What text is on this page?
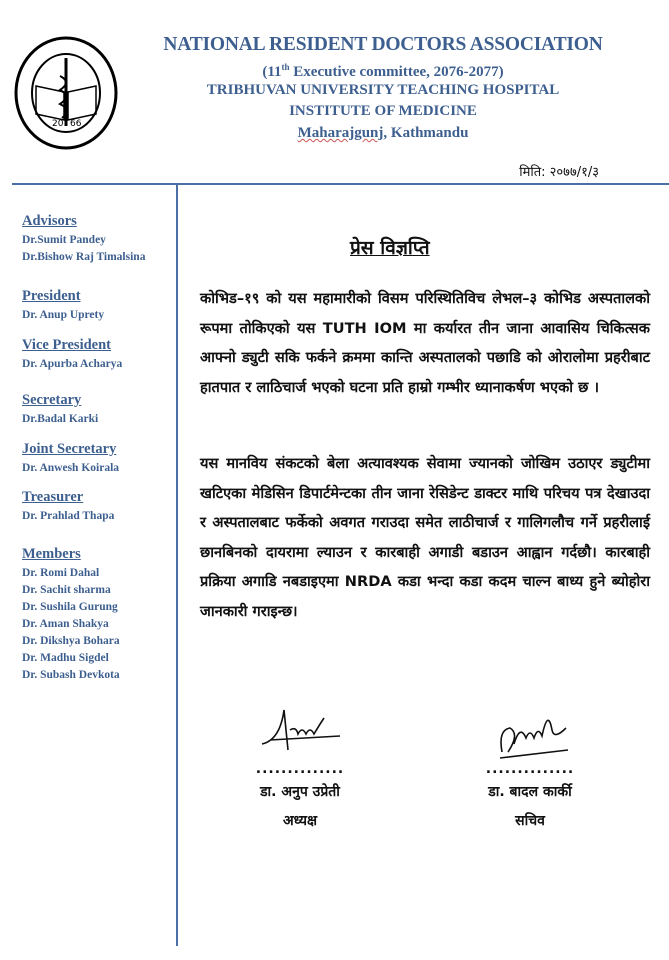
20 66
NATIONAL RESIDENT DOCTORS ASSOCIATION
(11th Executive committee, 2076-2077)
TRIBHUVAN UNIVERSITY TEACHING HOSPITAL
INSTITUTE OF MEDICINE
Maharajgunj, Kathmandu
मिति: २०७७/१/३
Advisors
Dr.Sumit Pandey
Dr.Bishow Raj Timalsina
President
Dr. Anup Uprety
Vice President
Dr. Apurba Acharya
Secretary
Dr.Badal Karki
Joint Secretary
Dr. Anwesh Koirala
Treasurer
Dr. Prahlad Thapa
Members
Dr. Romi Dahal
Dr. Sachit sharma
Dr. Sushila Gurung
Dr. Aman Shakya
Dr. Dikshya Bohara
Dr. Madhu Sigdel
Dr. Subash Devkota
प्रेस विज्ञप्ति
कोभिड–१९ को यस महामारीको विसम परिस्थितिविच लेभल–३ कोभिड अस्पतालको रूपमा तोकिएको यस TUTH IOM मा कर्यारत तीन जाना आवासिय चिकित्सक आफ्नो ड्युटी सकि फर्कने क्रममा कान्ति अस्पतालको पछाडि को ओरालोमा प्रहरीबाट हातपात र लाठिचार्ज भएको घटना प्रति हाम्रो गम्भीर ध्यानाकर्षण भएको छ ।
यस मानविय संकटको बेला अत्यावश्यक सेवामा ज्यानको जोखिम उठाएर ड्युटीमा खटिएका मेडिसिन डिपार्टमेन्टका तीन जाना रेसिडेन्ट डाक्टर माथि परिचय पत्र देखाउदा र अस्पतालबाट फर्केको अवगत गराउदा समेत लाठीचार्ज र गालिगलौच गर्ने प्रहरीलाई छानबिनको दायरामा ल्याउन र कारबाही अगाडी बडाउन आह्वान गर्दछौ। कारबाही प्रक्रिया अगाडि नबडाइएमा NRDA कडा भन्दा कडा कदम चाल्न बाध्य हुने ब्योहोरा जानकारी गराइन्छ।
..............
डा. अनुप उप्रेती
अध्यक्ष
..............
डा. बादल कार्की
सचिव
